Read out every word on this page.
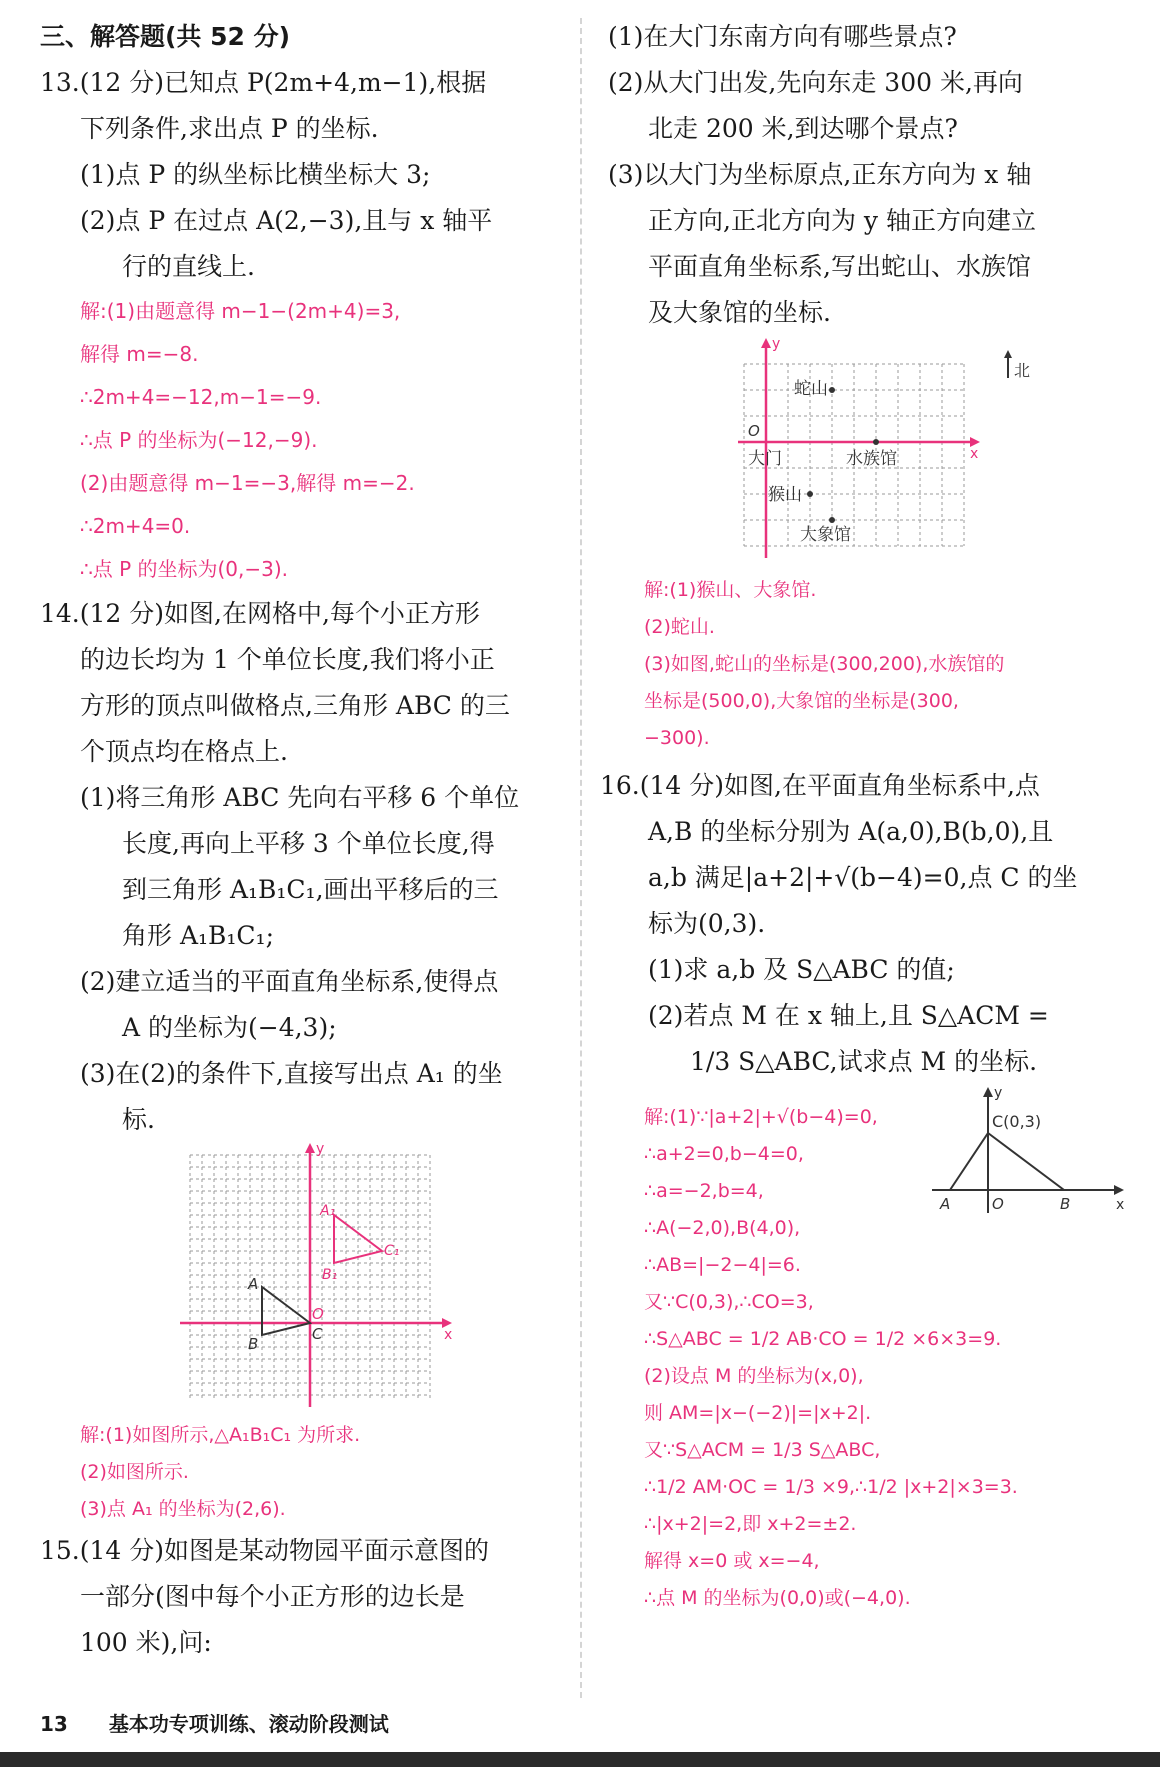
三、解答题(共 52 分)
13.(12 分)已知点 P(2m+4,m−1),根据
下列条件,求出点 P 的坐标.
(1)点 P 的纵坐标比横坐标大 3;
(2)点 P 在过点 A(2,−3),且与 x 轴平
行的直线上.
解:(1)由题意得 m−1−(2m+4)=3,
解得 m=−8.
∴2m+4=−12,m−1=−9.
∴点 P 的坐标为(−12,−9).
(2)由题意得 m−1=−3,解得 m=−2.
∴2m+4=0.
∴点 P 的坐标为(0,−3).
14.(12 分)如图,在网格中,每个小正方形
的边长均为 1 个单位长度,我们将小正
方形的顶点叫做格点,三角形 ABC 的三
个顶点均在格点上.
(1)将三角形 ABC 先向右平移 6 个单位
长度,再向上平移 3 个单位长度,得
到三角形 A₁B₁C₁,画出平移后的三
角形 A₁B₁C₁;
(2)建立适当的平面直角坐标系,使得点
A 的坐标为(−4,3);
(3)在(2)的条件下,直接写出点 A₁ 的坐
标.
y
x
O
A
B
C
A₁
B₁
C₁
解:(1)如图所示,△A₁B₁C₁ 为所求.
(2)如图所示.
(3)点 A₁ 的坐标为(2,6).
15.(14 分)如图是某动物园平面示意图的
一部分(图中每个小正方形的边长是
100 米),问:
(1)在大门东南方向有哪些景点?
(2)从大门出发,先向东走 300 米,再向
北走 200 米,到达哪个景点?
(3)以大门为坐标原点,正东方向为 x 轴
正方向,正北方向为 y 轴正方向建立
平面直角坐标系,写出蛇山、水族馆
及大象馆的坐标.
y
x
O
北
蛇山
大门	水族馆
猴山
大象馆
解:(1)猴山、大象馆.
(2)蛇山.
(3)如图,蛇山的坐标是(300,200),水族馆的
坐标是(500,0),大象馆的坐标是(300,
−300).
16.(14 分)如图,在平面直角坐标系中,点
A,B 的坐标分别为 A(a,0),B(b,0),且
a,b 满足|a+2|+√(b−4)=0,点 C 的坐
标为(0,3).
(1)求 a,b 及 S△ABC 的值;
(2)若点 M 在 x 轴上,且 S△ACM =
1/3 S△ABC,试求点 M 的坐标.
解:(1)∵|a+2|+√(b−4)=0,
∴a+2=0,b−4=0,
∴a=−2,b=4,
∴A(−2,0),B(4,0),
∴AB=|−2−4|=6.
又∵C(0,3),∴CO=3,
∴S△ABC = 1/2 AB·CO = 1/2 ×6×3=9.
(2)设点 M 的坐标为(x,0),
则 AM=|x−(−2)|=|x+2|.
又∵S△ACM = 1/3 S△ABC,
∴1/2 AM·OC = 1/3 ×9,∴1/2 |x+2|×3=3.
∴|x+2|=2,即 x+2=±2.
解得 x=0 或 x=−4,
∴点 M 的坐标为(0,0)或(−4,0).
y
x
C(0,3)
A	O	B
13 基本功专项训练、滚动阶段测试
